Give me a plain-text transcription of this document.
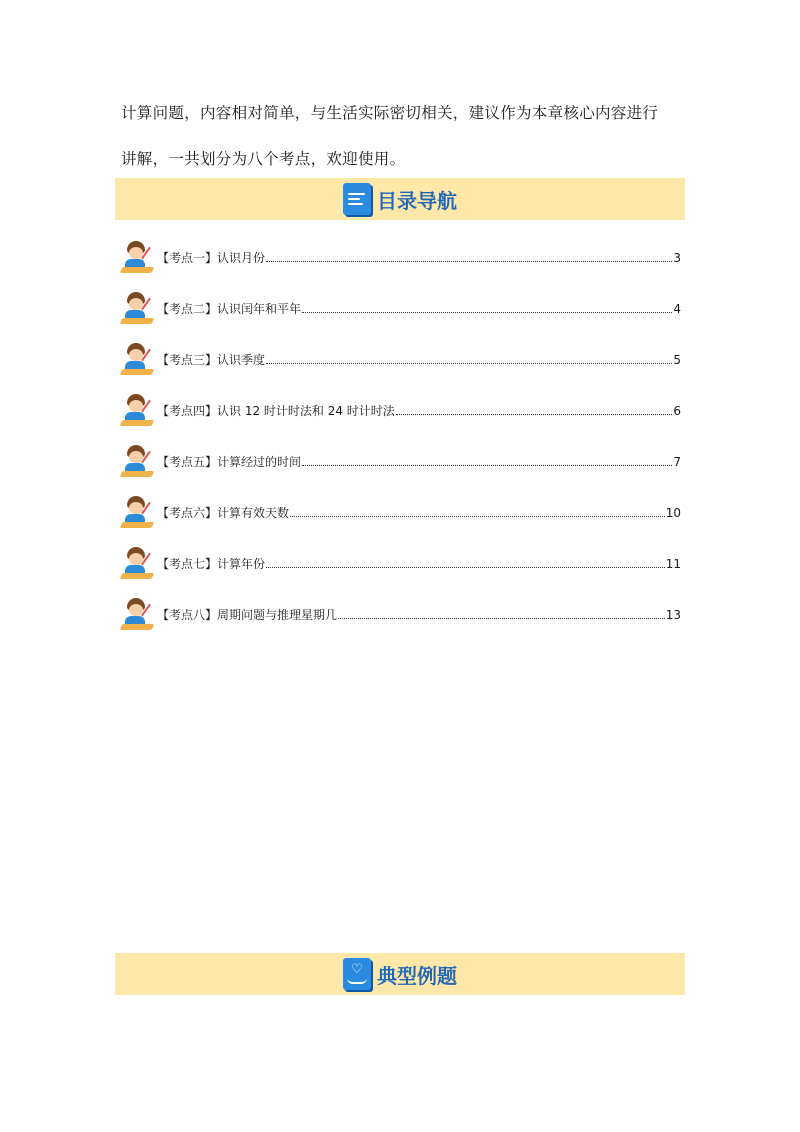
计算问题，内容相对简单，与生活实际密切相关，建议作为本章核心内容进行

讲解，一共划分为八个考点，欢迎使用。

目录导航
【考点一】认识月份	3
【考点二】认识闰年和平年	4
【考点三】认识季度	5
【考点四】认识 12 时计时法和 24 时计时法	6
【考点五】计算经过的时间	7
【考点六】计算有效天数	10
【考点七】计算年份	11
【考点八】周期问题与推理星期几	13
♡ 典型例题
